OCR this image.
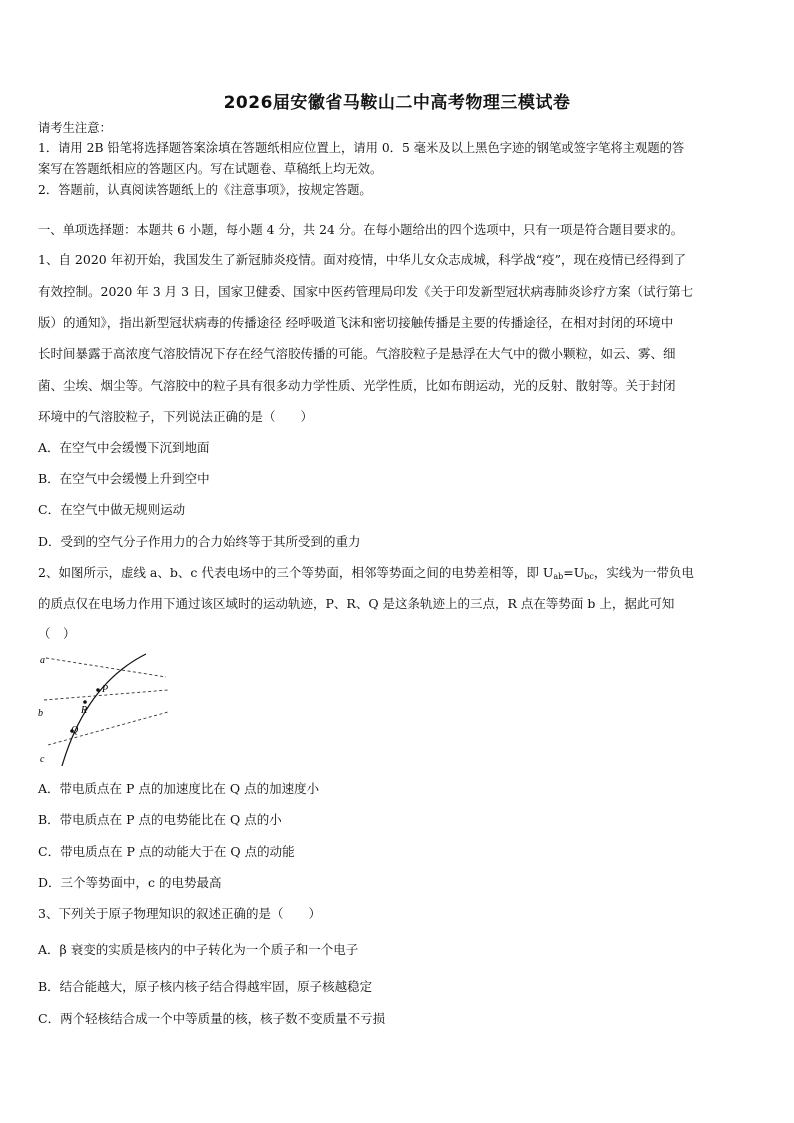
2026届安徽省马鞍山二中高考物理三模试卷
请考生注意：
1．请用 2B 铅笔将选择题答案涂填在答题纸相应位置上，请用 0．5 毫米及以上黑色字迹的钢笔或签字笔将主观题的答
案写在答题纸相应的答题区内。写在试题卷、草稿纸上均无效。
2．答题前，认真阅读答题纸上的《注意事项》，按规定答题。
一、单项选择题：本题共 6 小题，每小题 4 分，共 24 分。在每小题给出的四个选项中，只有一项是符合题目要求的。
1、自 2020 年初开始，我国发生了新冠肺炎疫情。面对疫情，中华儿女众志成城，科学战“疫”，现在疫情已经得到了
有效控制。2020 年 3 月 3 日，国家卫健委、国家中医药管理局印发《关于印发新型冠状病毒肺炎诊疗方案（试行第七
版）的通知》，指出新型冠状病毒的传播途径 经呼吸道飞沫和密切接触传播是主要的传播途径，在相对封闭的环境中
长时间暴露于高浓度气溶胶情况下存在经气溶胶传播的可能。气溶胶粒子是悬浮在大气中的微小颗粒，如云、雾、细
菌、尘埃、烟尘等。气溶胶中的粒子具有很多动力学性质、光学性质，比如布朗运动，光的反射、散射等。关于封闭
环境中的气溶胶粒子，下列说法正确的是（　　）
A．在空气中会缓慢下沉到地面
B．在空气中会缓慢上升到空中
C．在空气中做无规则运动
D．受到的空气分子作用力的合力始终等于其所受到的重力
2、如图所示，虚线 a、b、c 代表电场中的三个等势面，相邻等势面之间的电势差相等，即 $U_{ab}=U_{bc}$，实线为一带负电
的质点仅在电场力作用下通过该区域时的运动轨迹，P、R、Q 是这条轨迹上的三点，R 点在等势面 b 上，据此可知
（　）
a
b
c
P
R
Q
A．带电质点在 P 点的加速度比在 Q 点的加速度小
B．带电质点在 P 点的电势能比在 Q 点的小
C．带电质点在 P 点的动能大于在 Q 点的动能
D．三个等势面中，c 的电势最高
3、下列关于原子物理知识的叙述正确的是（　　）
A．β 衰变的实质是核内的中子转化为一个质子和一个电子
B．结合能越大，原子核内核子结合得越牢固，原子核越稳定
C．两个轻核结合成一个中等质量的核，核子数不变质量不亏损
